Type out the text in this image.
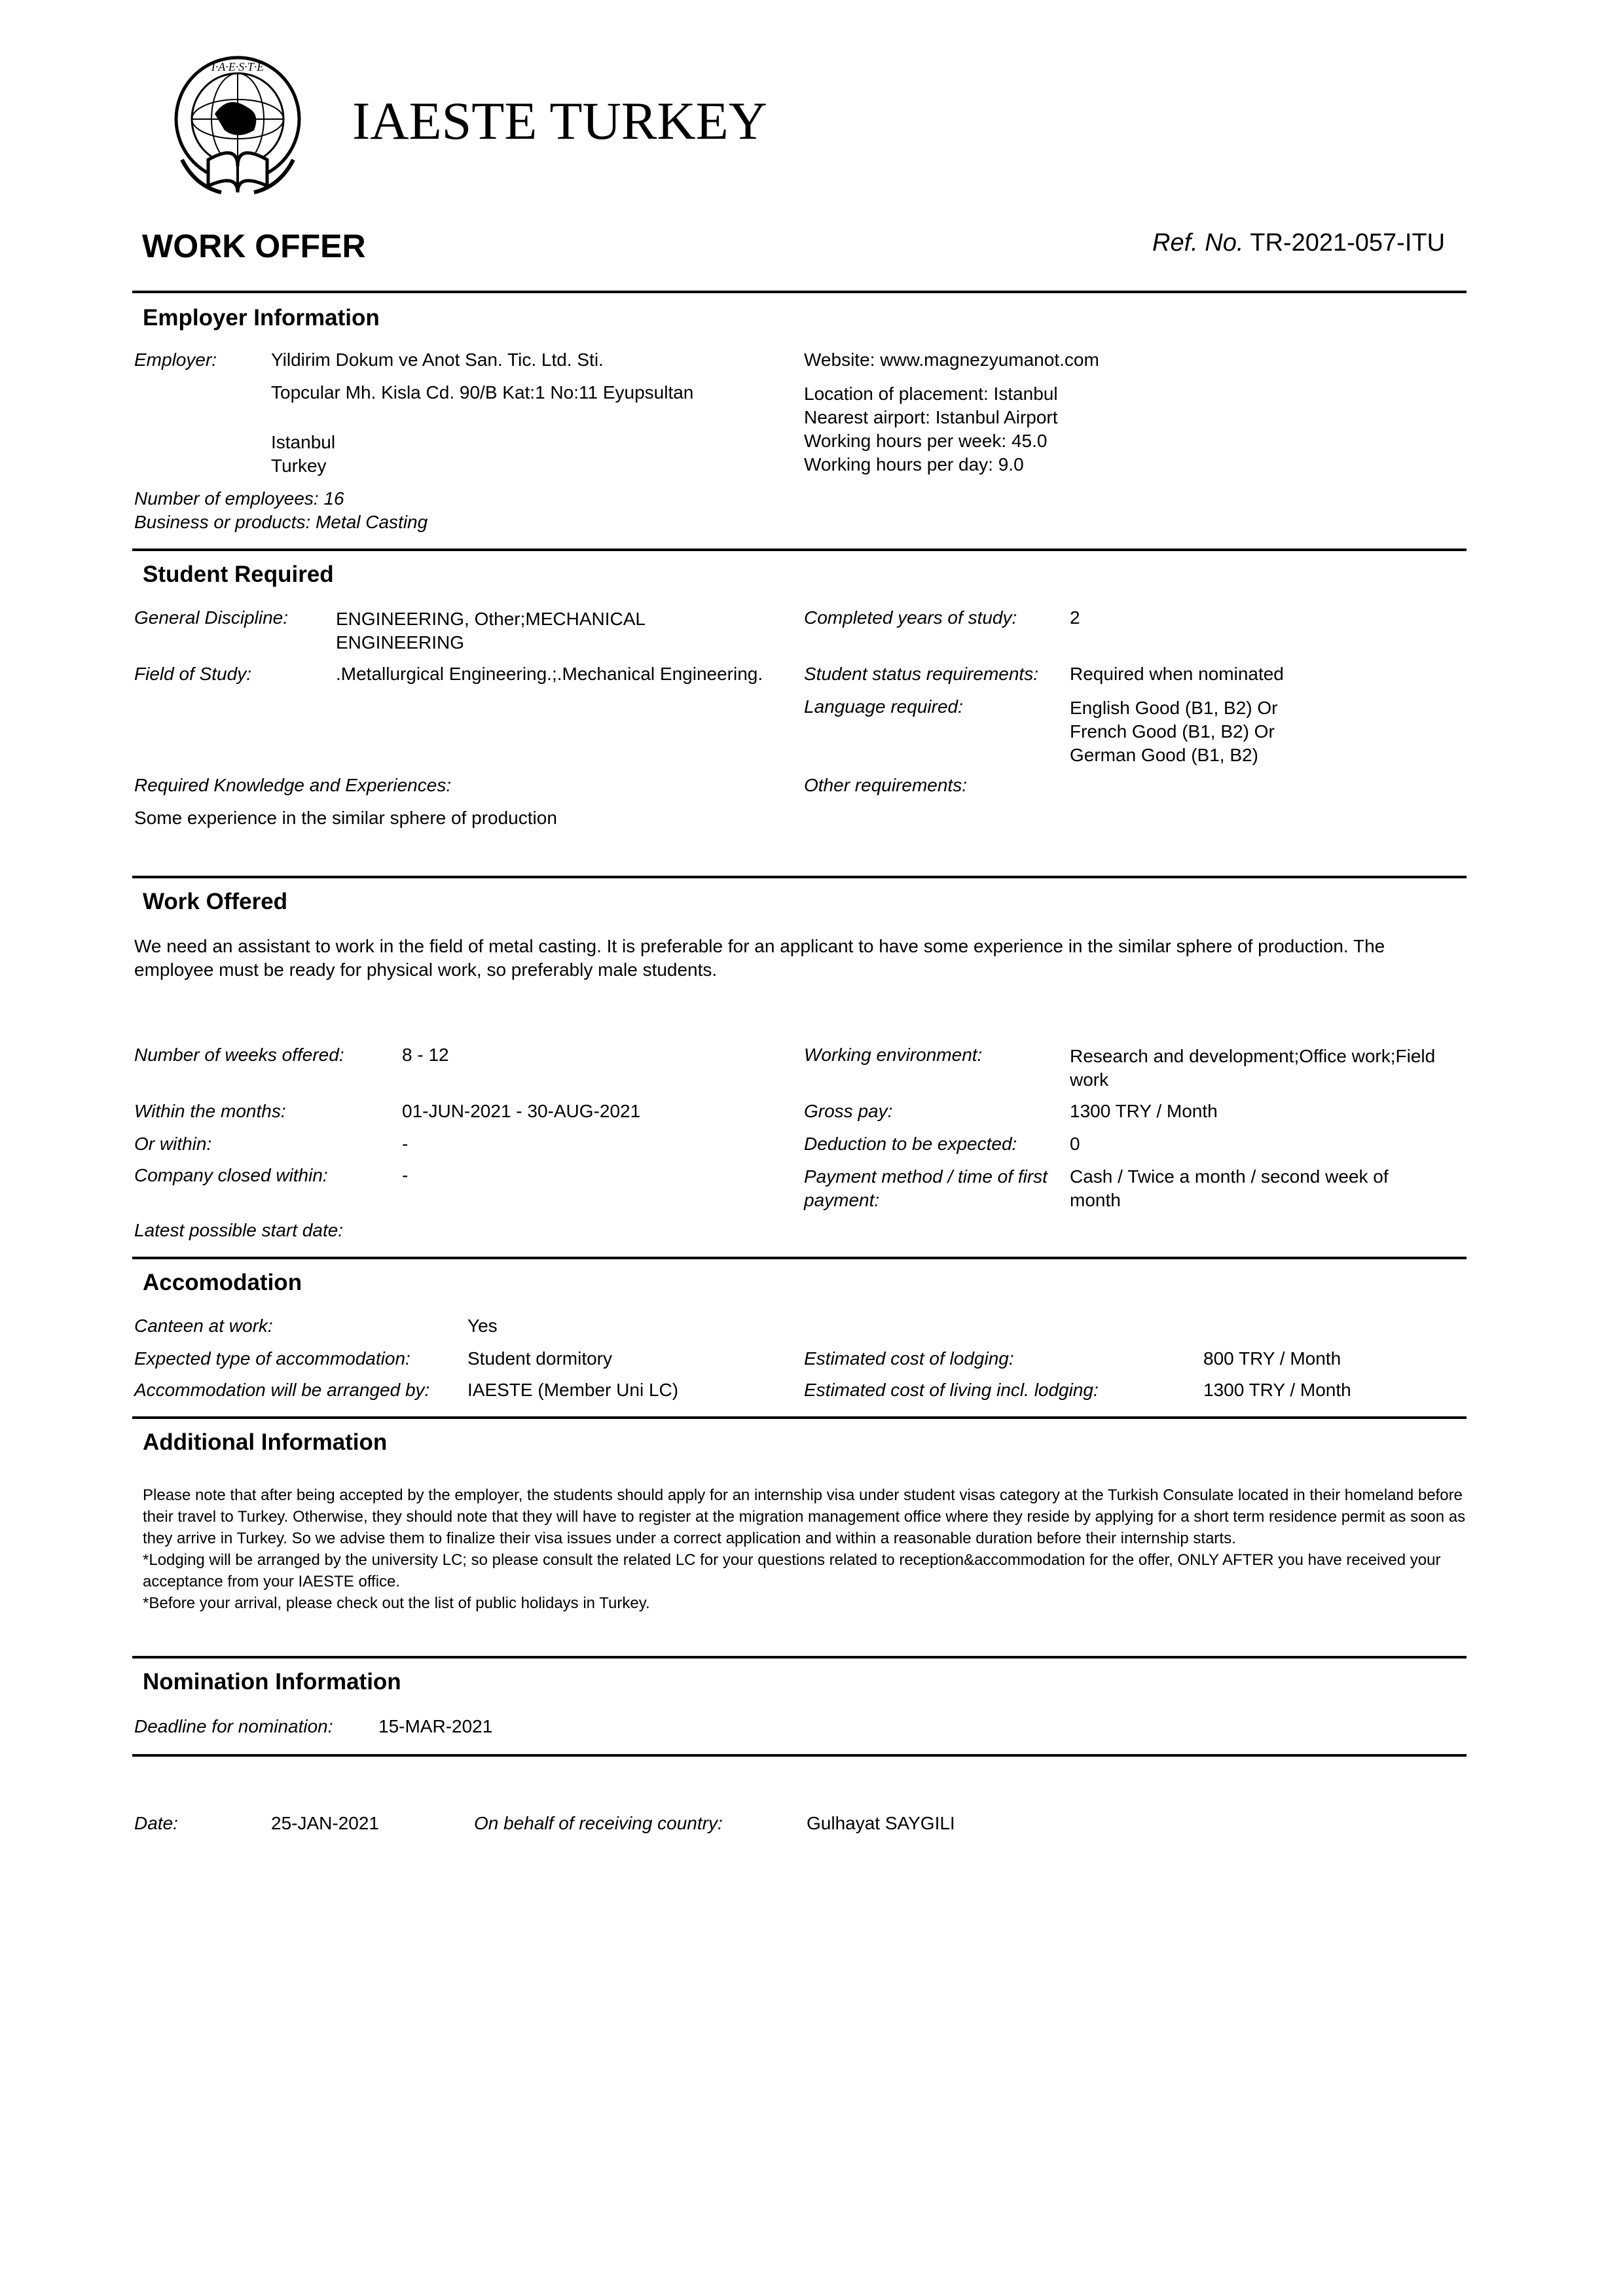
I·A·E·S·T·E
IAESTE TURKEY
WORK OFFER	Ref. No. TR-2021-057-ITU
Employer Information
Employer:	Yildirim Dokum ve Anot San. Tic. Ltd. Sti.
Topcular Mh. Kisla Cd. 90/B Kat:1 No:11 Eyupsultan
Istanbul
Turkey
Website: www.magnezyumanot.com
Location of placement: Istanbul
Nearest airport: Istanbul Airport
Working hours per week: 45.0
Working hours per day: 9.0
Number of employees: 16
Business or products: Metal Casting
Student Required
General Discipline:	ENGINEERING, Other;MECHANICAL
ENGINEERING
Field of Study:	.Metallurgical Engineering.;.Mechanical Engineering.
Completed years of study:	2
Student status requirements: Required when nominated
Language required:	English Good (B1, B2) Or
French Good (B1, B2) Or
German Good (B1, B2)
Required Knowledge and Experiences:
Some experience in the similar sphere of production
Other requirements:
Work Offered
We need an assistant to work in the field of metal casting. It is preferable for an applicant to have some experience in the similar sphere of production. The employee must be ready for physical work, so preferably male students.
Number of weeks offered:	8 - 12
Within the months:	01-JUN-2021 - 30-AUG-2021
Or within:	-
Company closed within:	-
Latest possible start date:
Working environment:	Research and development;Office work;Field
work
Gross pay:	1300 TRY / Month
Deduction to be expected:	0
Payment method / time of first
payment:
Cash / Twice a month / second week of
month
Accomodation
Canteen at work:	Yes
Expected type of accommodation:	Student dormitory
Accommodation will be arranged by: IAESTE (Member Uni LC)
Estimated cost of lodging:	800 TRY / Month
Estimated cost of living incl. lodging:	1300 TRY / Month
Additional Information
Please note that after being accepted by the employer, the students should apply for an internship visa under student visas category at the Turkish Consulate located in their homeland before their travel to Turkey. Otherwise, they should note that they will have to register at the migration management office where they reside by applying for a short term residence permit as soon as they arrive in Turkey. So we advise them to finalize their visa issues under a correct application and within a reasonable duration before their internship starts.
*Lodging will be arranged by the university LC; so please consult the related LC for your questions related to reception&accommodation for the offer, ONLY AFTER you have received your acceptance from your IAESTE office.
*Before your arrival, please check out the list of public holidays in Turkey.
Nomination Information
Deadline for nomination: 15-MAR-2021
Date:	25-JAN-2021	On behalf of receiving country:	Gulhayat SAYGILI
